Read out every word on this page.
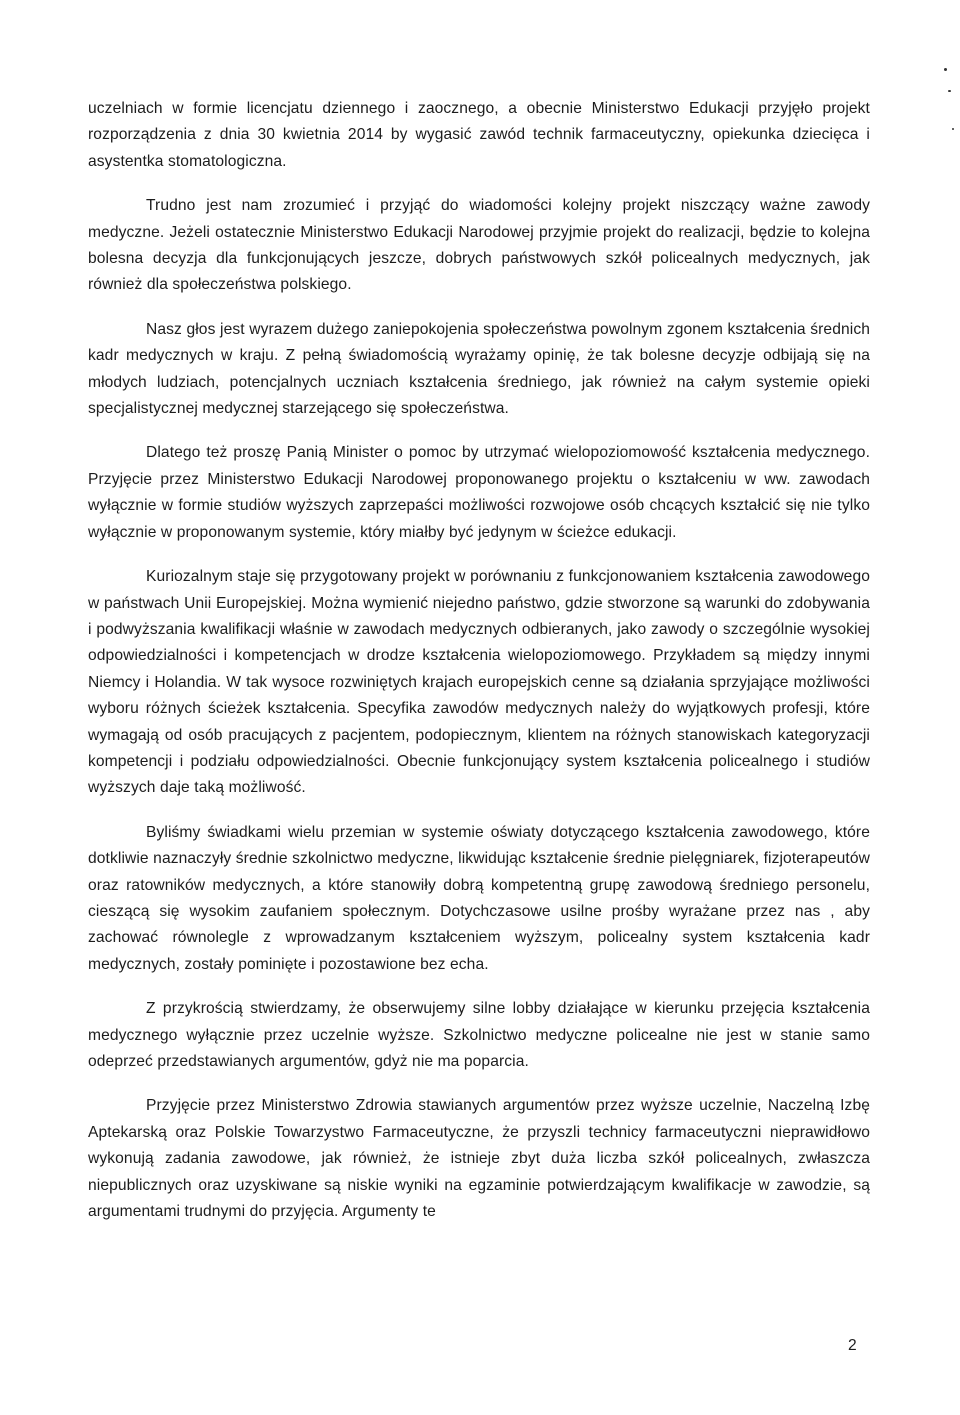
uczelniach w formie licencjatu dziennego i zaocznego, a obecnie Ministerstwo Edukacji przyjęło projekt rozporządzenia z dnia 30 kwietnia 2014 by wygasić zawód technik farmaceutyczny, opiekunka dziecięca i asystentka stomatologiczna.

Trudno jest nam zrozumieć i przyjąć do wiadomości kolejny projekt niszczący ważne zawody medyczne. Jeżeli ostatecznie Ministerstwo Edukacji Narodowej przyjmie projekt do realizacji, będzie to kolejna bolesna decyzja dla funkcjonujących jeszcze, dobrych państwowych szkół policealnych medycznych, jak również dla społeczeństwa polskiego.

Nasz głos jest wyrazem dużego zaniepokojenia społeczeństwa powolnym zgonem kształcenia średnich kadr medycznych w kraju. Z pełną świadomością wyrażamy opinię, że tak bolesne decyzje odbijają się na młodych ludziach, potencjalnych uczniach kształcenia średniego, jak również na całym systemie opieki specjalistycznej medycznej starzejącego się społeczeństwa.

Dlatego też proszę Panią Minister o pomoc by utrzymać wielopoziomowość kształcenia medycznego. Przyjęcie przez Ministerstwo Edukacji Narodowej proponowanego projektu o kształceniu w ww. zawodach wyłącznie w formie studiów wyższych zaprzepaści możliwości rozwojowe osób chcących kształcić się nie tylko wyłącznie w proponowanym systemie, który miałby być jedynym w ścieżce edukacji.

Kuriozalnym staje się przygotowany projekt w porównaniu z funkcjonowaniem kształcenia zawodowego w państwach Unii Europejskiej. Można wymienić niejedno państwo, gdzie stworzone są warunki do zdobywania i podwyższania kwalifikacji właśnie w zawodach medycznych odbieranych, jako zawody o szczególnie wysokiej odpowiedzialności i kompetencjach w drodze kształcenia wielopoziomowego. Przykładem są między innymi Niemcy i Holandia. W tak wysoce rozwiniętych krajach europejskich cenne są działania sprzyjające możliwości wyboru różnych ścieżek kształcenia. Specyfika zawodów medycznych należy do wyjątkowych profesji, które wymagają od osób pracujących z pacjentem, podopiecznym, klientem na różnych stanowiskach kategoryzacji kompetencji i podziału odpowiedzialności. Obecnie funkcjonujący system kształcenia policealnego i studiów wyższych daje taką możliwość.

Byliśmy świadkami wielu przemian w systemie oświaty dotyczącego kształcenia zawodowego, które dotkliwie naznaczyły średnie szkolnictwo medyczne, likwidując kształcenie średnie pielęgniarek, fizjoterapeutów oraz ratowników medycznych, a które stanowiły dobrą kompetentną grupę zawodową średniego personelu, cieszącą się wysokim zaufaniem społecznym. Dotychczasowe usilne prośby wyrażane przez nas , aby zachować równolegle z wprowadzanym kształceniem wyższym, policealny system kształcenia kadr medycznych, zostały pominięte i pozostawione bez echa.

Z przykrością stwierdzamy, że obserwujemy silne lobby działające w kierunku przejęcia kształcenia medycznego wyłącznie przez uczelnie wyższe. Szkolnictwo medyczne policealne nie jest w stanie samo odeprzeć przedstawianych argumentów, gdyż nie ma poparcia.

Przyjęcie przez Ministerstwo Zdrowia stawianych argumentów przez wyższe uczelnie, Naczelną Izbę Aptekarską oraz Polskie Towarzystwo Farmaceutyczne, że przyszli technicy farmaceutyczni nieprawidłowo wykonują zadania zawodowe, jak również, że istnieje zbyt duża liczba szkół policealnych, zwłaszcza niepublicznych oraz uzyskiwane są niskie wyniki na egzaminie potwierdzającym kwalifikacje w zawodzie, są argumentami trudnymi do przyjęcia. Argumenty te

2
